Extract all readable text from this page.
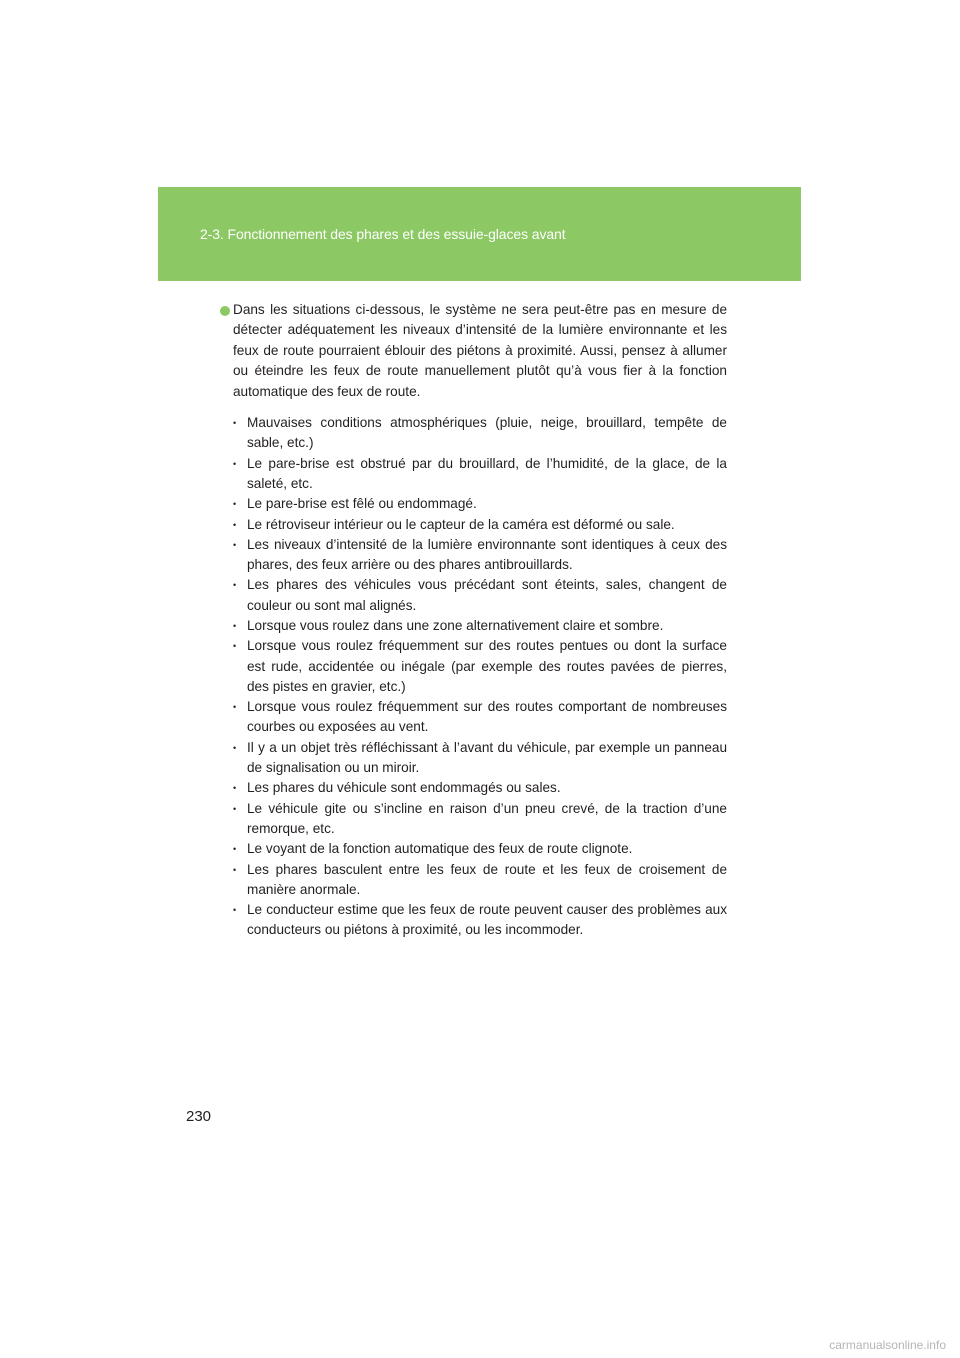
2-3. Fonctionnement des phares et des essuie-glaces avant

Dans les situations ci-dessous, le système ne sera peut-être pas en mesure de détecter adéquatement les niveaux d’intensité de la lumière environnante et les feux de route pourraient éblouir des piétons à proximité. Aussi, pensez à allumer ou éteindre les feux de route manuellement plutôt qu’à vous fier à la fonction automatique des feux de route.

• Mauvaises conditions atmosphériques (pluie, neige, brouillard, tempête de sable, etc.)
• Le pare-brise est obstrué par du brouillard, de l’humidité, de la glace, de la saleté, etc.
• Le pare-brise est fêlé ou endommagé.
• Le rétroviseur intérieur ou le capteur de la caméra est déformé ou sale.
• Les niveaux d’intensité de la lumière environnante sont identiques à ceux des phares, des feux arrière ou des phares antibrouillards.
• Les phares des véhicules vous précédant sont éteints, sales, changent de couleur ou sont mal alignés.
• Lorsque vous roulez dans une zone alternativement claire et sombre.
• Lorsque vous roulez fréquemment sur des routes pentues ou dont la surface est rude, accidentée ou inégale (par exemple des routes pavées de pierres, des pistes en gravier, etc.)
• Lorsque vous roulez fréquemment sur des routes comportant de nombreuses courbes ou exposées au vent.
• Il y a un objet très réfléchissant à l’avant du véhicule, par exemple un panneau de signalisation ou un miroir.
• Les phares du véhicule sont endommagés ou sales.
• Le véhicule gite ou s’incline en raison d’un pneu crevé, de la traction d’une remorque, etc.
• Le voyant de la fonction automatique des feux de route clignote.
• Les phares basculent entre les feux de route et les feux de croisement de manière anormale.
• Le conducteur estime que les feux de route peuvent causer des problèmes aux conducteurs ou piétons à proximité, ou les incommoder.
230
carmanualsonline.info
